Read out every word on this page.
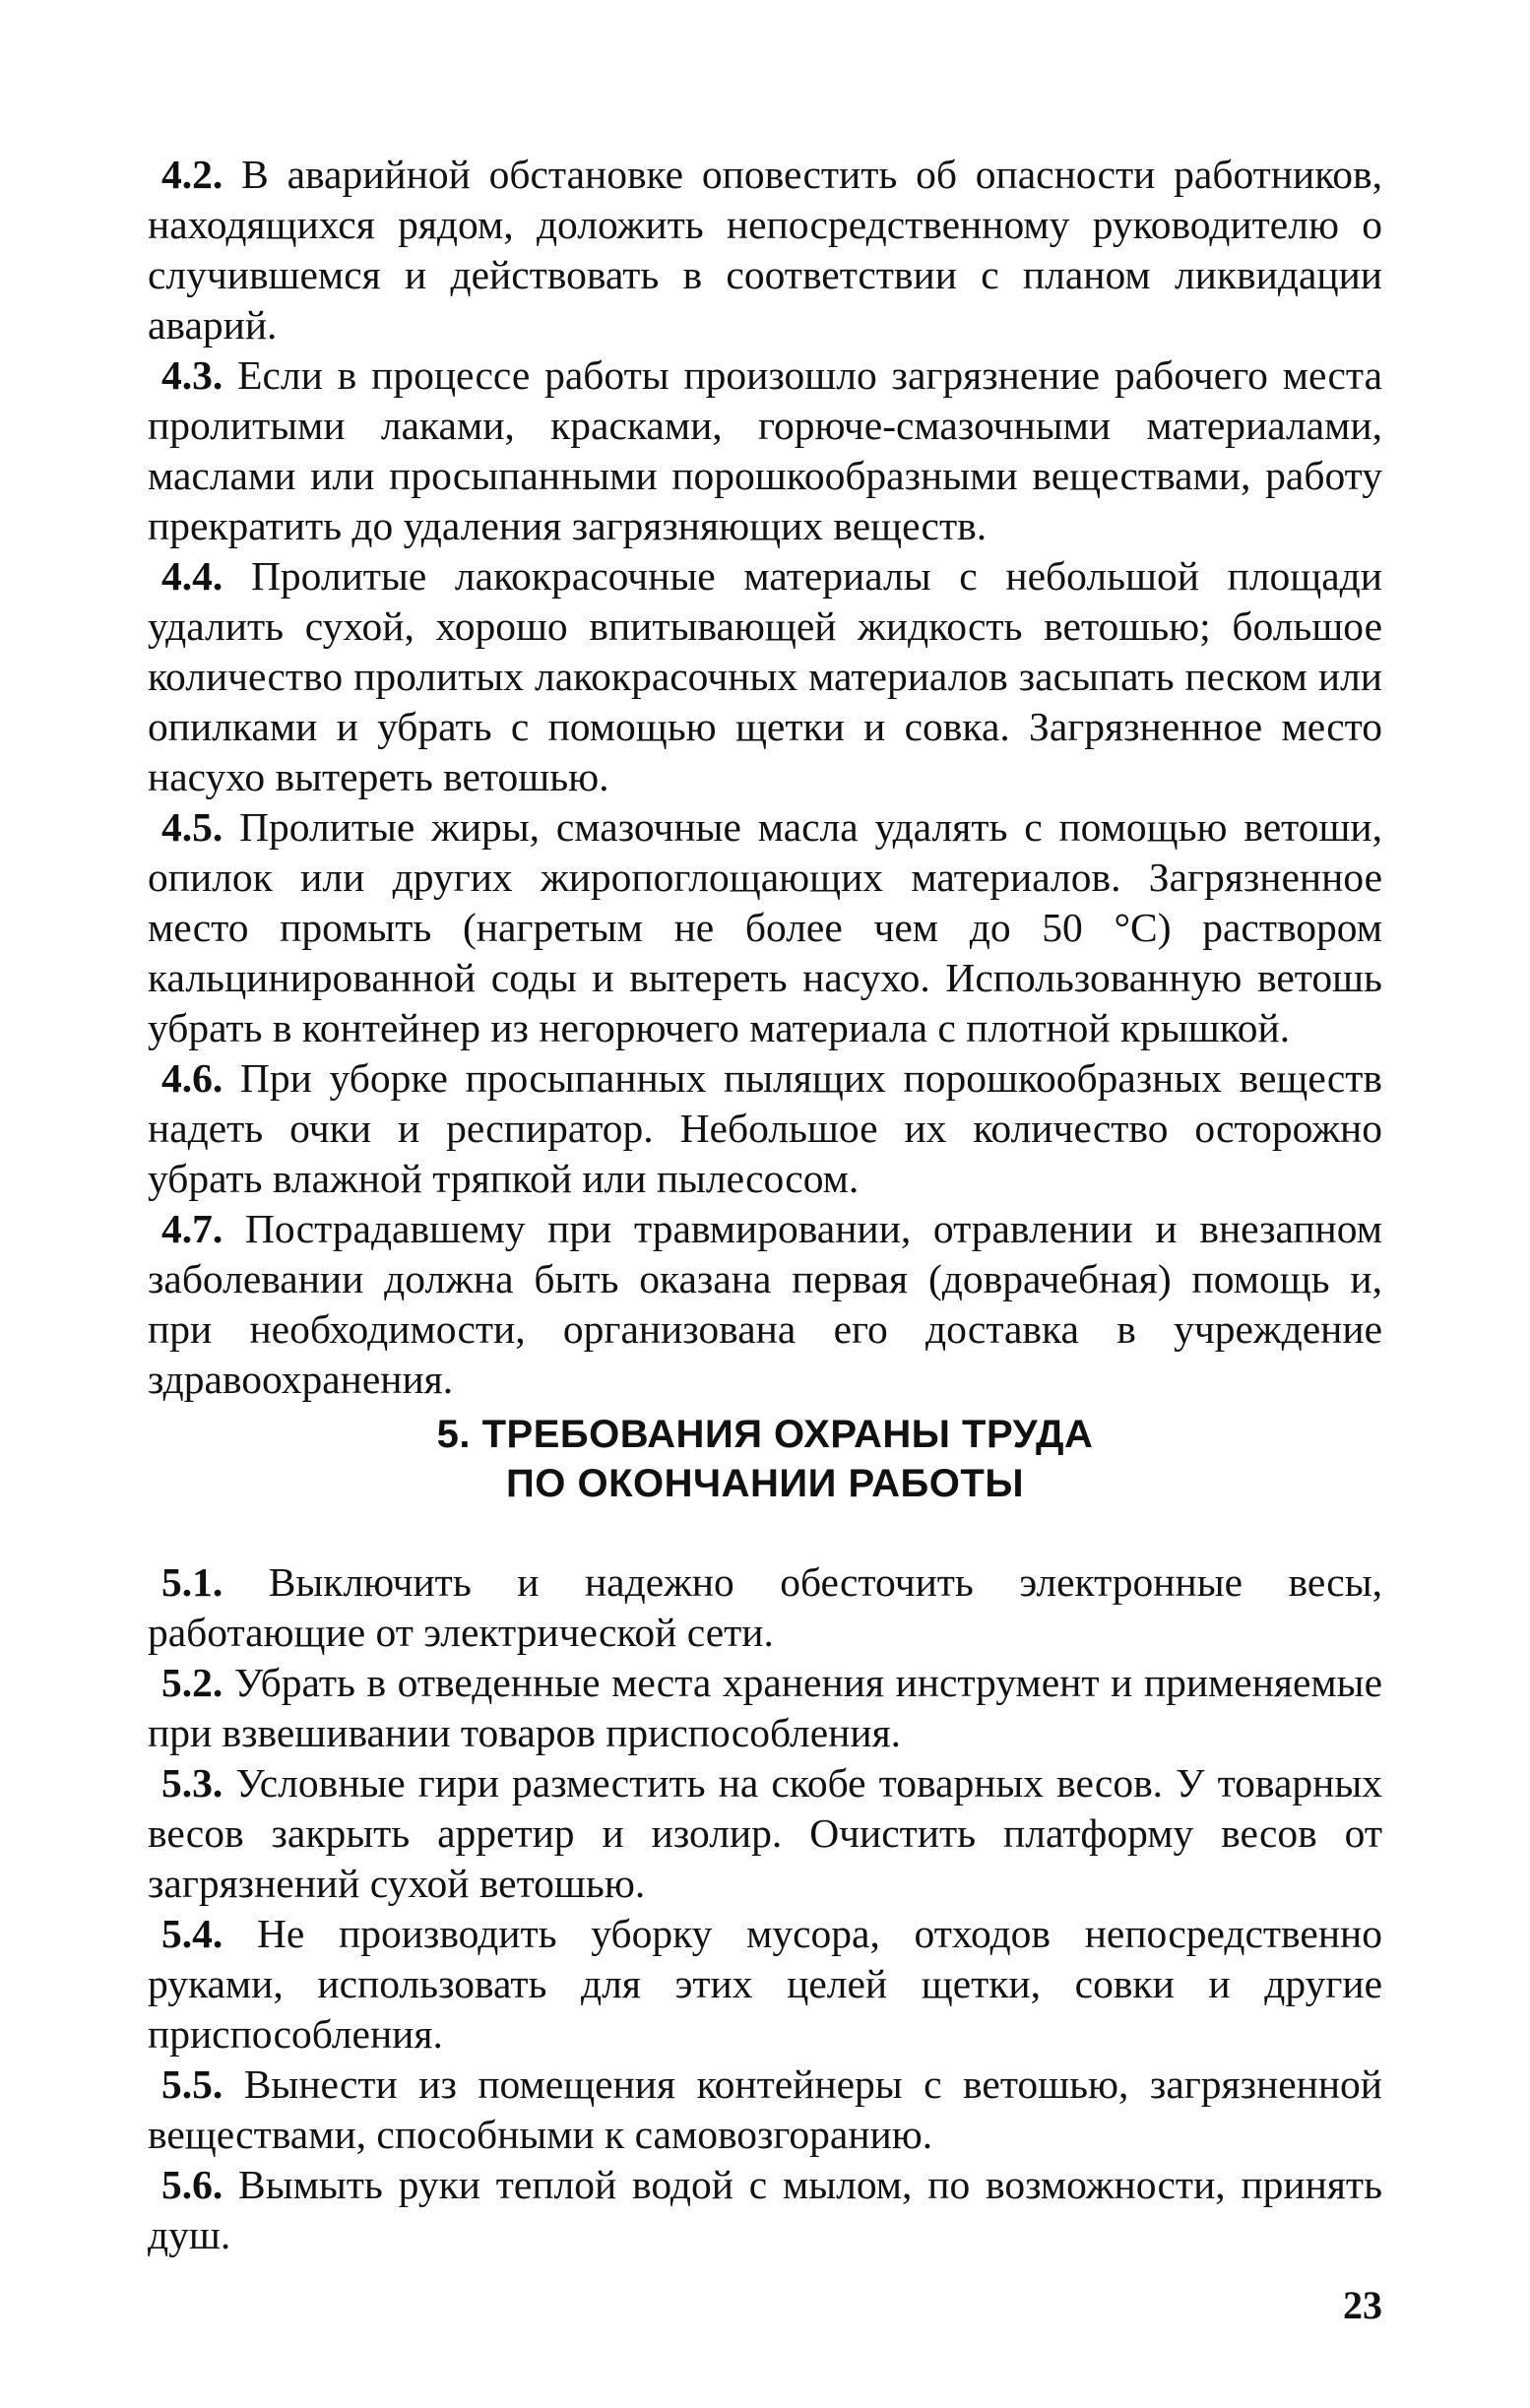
4.2. В аварийной обстановке оповестить об опасности работников, находящихся рядом, доложить непосредственному руководителю о случившемся и действовать в соответствии с планом ликвидации аварий.

4.3. Если в процессе работы произошло загрязнение рабочего места пролитыми лаками, красками, горюче-смазочными материалами, маслами или просыпанными порошкообразными веществами, работу прекратить до удаления загрязняющих веществ.

4.4. Пролитые лакокрасочные материалы с небольшой площади удалить сухой, хорошо впитывающей жидкость ветошью; большое количество пролитых лакокрасочных материалов засыпать песком или опилками и убрать с помощью щетки и совка. Загрязненное место насухо вытереть ветошью.

4.5. Пролитые жиры, смазочные масла удалять с помощью ветоши, опилок или других жиропоглощающих материалов. Загрязненное место промыть (нагретым не более чем до 50 °С) раствором кальцинированной соды и вытереть насухо. Использованную ветошь убрать в контейнер из негорючего материала с плотной крышкой.

4.6. При уборке просыпанных пылящих порошкообразных веществ надеть очки и респиратор. Небольшое их количество осторожно убрать влажной тряпкой или пылесосом.

4.7. Пострадавшему при травмировании, отравлении и внезапном заболевании должна быть оказана первая (доврачебная) помощь и, при необходимости, организована его доставка в учреждение здравоохранения.

5. ТРЕБОВАНИЯ ОХРАНЫ ТРУДА

ПО ОКОНЧАНИИ РАБОТЫ

5.1. Выключить и надежно обесточить электронные весы, работающие от электрической сети.

5.2. Убрать в отведенные места хранения инструмент и применяемые при взвешивании товаров приспособления.

5.3. Условные гири разместить на скобе товарных весов. У товарных весов закрыть арретир и изолир. Очистить платформу весов от загрязнений сухой ветошью.

5.4. Не производить уборку мусора, отходов непосредственно руками, использовать для этих целей щетки, совки и другие приспособления.

5.5. Вынести из помещения контейнеры с ветошью, загрязненной веществами, способными к самовозгоранию.

5.6. Вымыть руки теплой водой с мылом, по возможности, принять душ.

23
